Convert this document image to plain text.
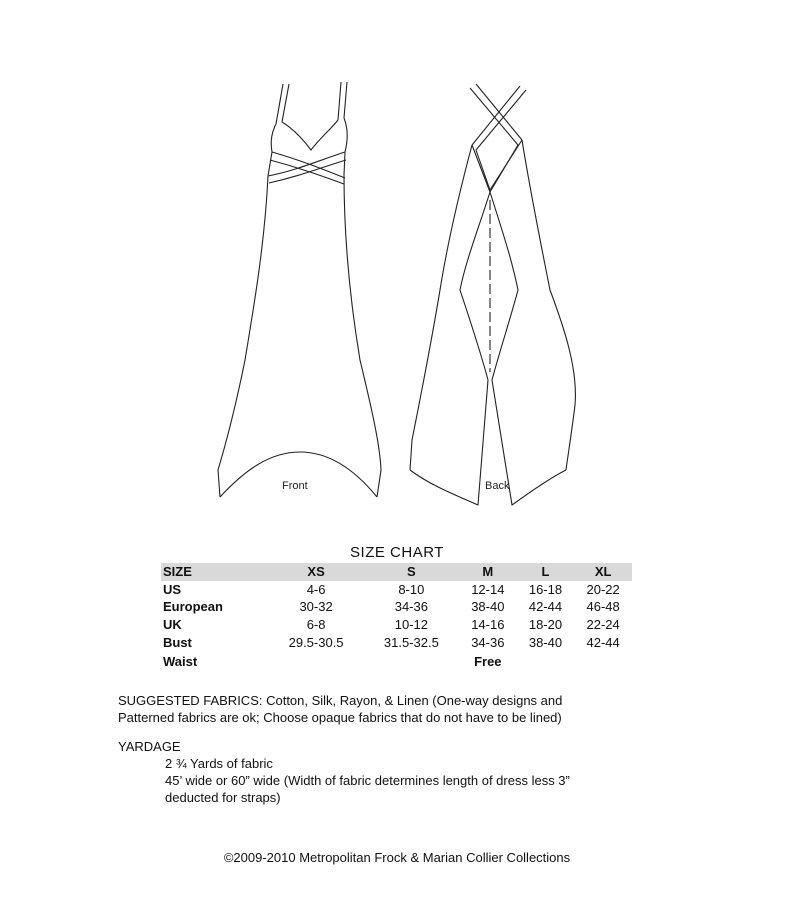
Front	Back
SIZE CHART
SIZE	XS	S	M	L	XL
US	4-6	8-10	12-14	16-18	20-22
European	30-32	34-36	38-40	42-44	46-48
UK	6-8	10-12	14-16	18-20	22-24
Bust	29.5-30.5	31.5-32.5	34-36	38-40	42-44
Waist			Free		
SUGGESTED FABRICS: Cotton, Silk, Rayon, & Linen (One-way designs and
Patterned fabrics are ok; Choose opaque fabrics that do not have to be lined)
YARDAGE
2 ¾ Yards of fabric
45’ wide or 60” wide (Width of fabric determines length of dress less 3”
deducted for straps)
©2009-2010 Metropolitan Frock & Marian Collier Collections
